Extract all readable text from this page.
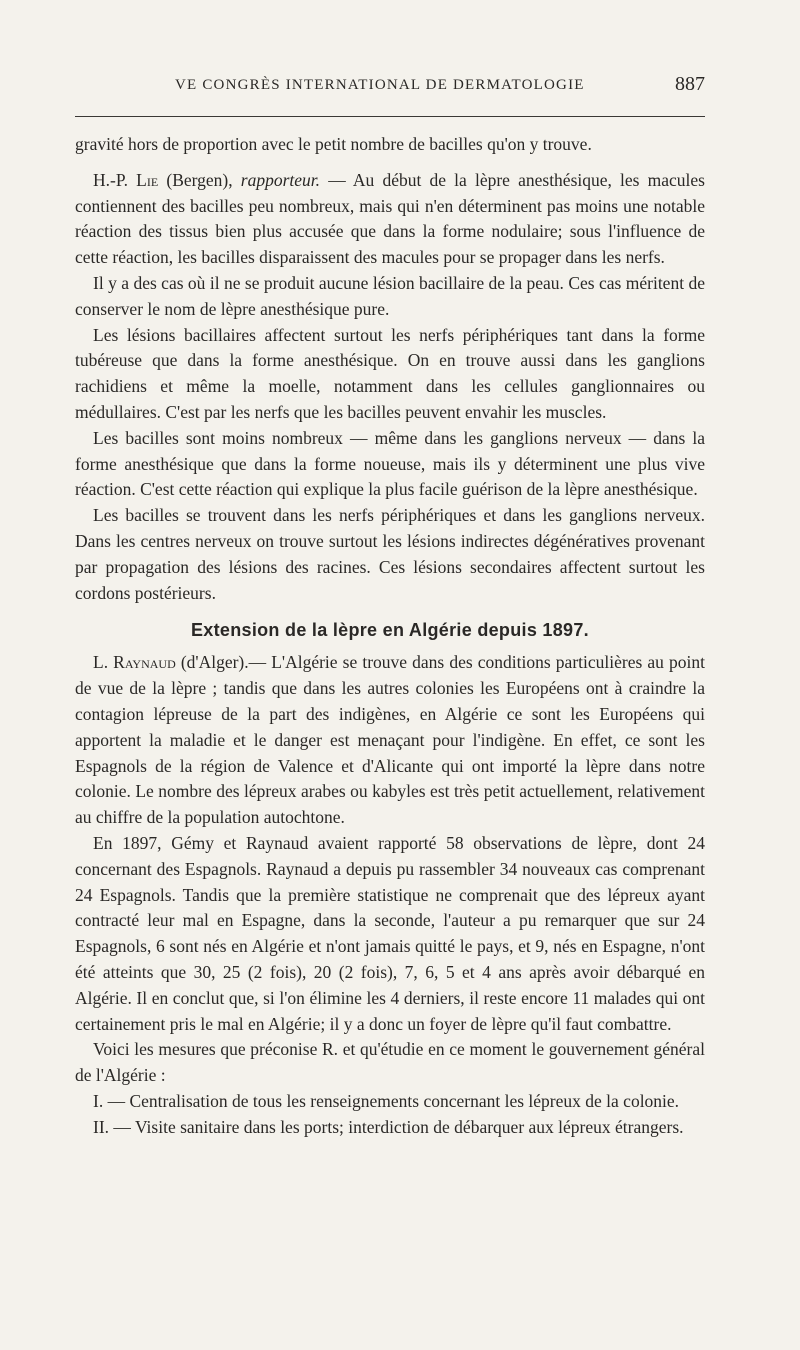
VE CONGRÈS INTERNATIONAL DE DERMATOLOGIE	887

gravité hors de proportion avec le petit nombre de bacilles qu'on y trouve.

H.-P. Lie (Bergen), rapporteur. — Au début de la lèpre anesthésique, les macules contiennent des bacilles peu nombreux, mais qui n'en déterminent pas moins une notable réaction des tissus bien plus accusée que dans la forme nodulaire; sous l'influence de cette réaction, les bacilles disparaissent des macules pour se propager dans les nerfs.

Il y a des cas où il ne se produit aucune lésion bacillaire de la peau. Ces cas méritent de conserver le nom de lèpre anesthésique pure.

Les lésions bacillaires affectent surtout les nerfs périphériques tant dans la forme tubéreuse que dans la forme anesthésique. On en trouve aussi dans les ganglions rachidiens et même la moelle, notamment dans les cellules ganglionnaires ou médullaires. C'est par les nerfs que les bacilles peuvent envahir les muscles.

Les bacilles sont moins nombreux — même dans les ganglions nerveux — dans la forme anesthésique que dans la forme noueuse, mais ils y déterminent une plus vive réaction. C'est cette réaction qui explique la plus facile guérison de la lèpre anesthésique.

Les bacilles se trouvent dans les nerfs périphériques et dans les ganglions nerveux. Dans les centres nerveux on trouve surtout les lésions indirectes dégénératives provenant par propagation des lésions des racines. Ces lésions secondaires affectent surtout les cordons postérieurs.

Extension de la lèpre en Algérie depuis 1897.

L. Raynaud (d'Alger).— L'Algérie se trouve dans des conditions particulières au point de vue de la lèpre ; tandis que dans les autres colonies les Européens ont à craindre la contagion lépreuse de la part des indigènes, en Algérie ce sont les Européens qui apportent la maladie et le danger est menaçant pour l'indigène. En effet, ce sont les Espagnols de la région de Valence et d'Alicante qui ont importé la lèpre dans notre colonie. Le nombre des lépreux arabes ou kabyles est très petit actuellement, relativement au chiffre de la population autochtone.

En 1897, Gémy et Raynaud avaient rapporté 58 observations de lèpre, dont 24 concernant des Espagnols. Raynaud a depuis pu rassembler 34 nouveaux cas comprenant 24 Espagnols. Tandis que la première statistique ne comprenait que des lépreux ayant contracté leur mal en Espagne, dans la seconde, l'auteur a pu remarquer que sur 24 Espagnols, 6 sont nés en Algérie et n'ont jamais quitté le pays, et 9, nés en Espagne, n'ont été atteints que 30, 25 (2 fois), 20 (2 fois), 7, 6, 5 et 4 ans après avoir débarqué en Algérie. Il en conclut que, si l'on élimine les 4 derniers, il reste encore 11 malades qui ont certainement pris le mal en Algérie; il y a donc un foyer de lèpre qu'il faut combattre.

Voici les mesures que préconise R. et qu'étudie en ce moment le gouvernement général de l'Algérie :

I. — Centralisation de tous les renseignements concernant les lépreux de la colonie.

II. — Visite sanitaire dans les ports; interdiction de débarquer aux lépreux étrangers.
